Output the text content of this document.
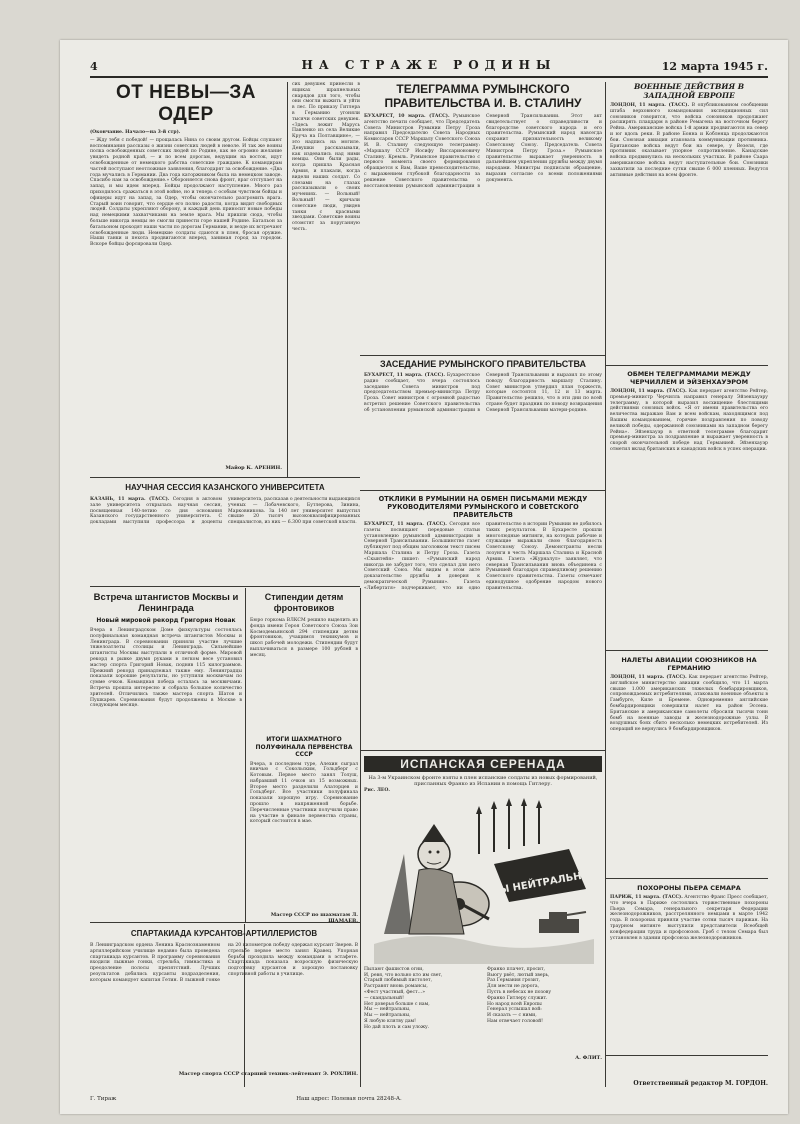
4	НА СТРАЖЕ РОДИНЫ	12 марта 1945 г.
ОТ НЕВЫ—ЗА ОДЕР
(Окончание. Начало—на 3-й стр).
— Жду тебя с победой! — прощалась Нина со своим другом. Бойцы слушают воспоминания рассказы о жизни советских людей в неволе. И так же воины полка освобожденных советских людей по Родине, как не огромно желание увидеть родной край, — и по всем дорогам, ведущим на восток, идут освобожденные от немецкого рабства советские граждане. К командирам частей поступают неотложные заявления, благодарят за освобождение. «Два года мучались в Германии. Два года каторжником была на немецком заводе. Спасибо нам за освобождение.» Обороняется снова фронт, враг отступает на запад, и мы идем вперед. Бойцы продолжают наступление. Много раз приходилось сражаться в этой войне, но и теперь с особым чувством бойцы и офицеры идут на запад, за Одер, чтобы окончательно разгромить врага. Старый воин говорит, что сердце его полно радости, когда видит свободных людей. Солдаты укрепляют оборону, и каждый день приносит новые победы над немецкими захватчиками на земле врага. Мы пришли сюда, чтобы больше никогда немцы не смогли принести горе нашей Родине. Батальон за батальоном проходят наши части по дорогам Германии, и везде их встречают освобожденные люди. Немецкие солдаты сдаются в плен, бросая оружие. Наши танки и пехота продвигаются вперед, занимая город за городом. Вскоре бойцы форсировали Одер.
Майор К. АРЕНИН.
сих девушек принесли в ящиках шрапнельных снарядов для того, чтобы они смогли выжить и уйти в лес. По приказу Гитлера в Германию угоняли тысячи советских девушек. «Здесь лежит Марусь Павленко из села Великие Круча на Полтавщине», — это надпись на могиле. Девушки рассказывали, как издевались над ними немцы. Они были рады, когда пришла Красная Армия, и плакали, когда видели наших солдат. Со слезами на глазах рассказывали о своих мучениях. — Вольный! Вольный! — кричали советские люди, увидев танки с красными звездами. Советские воины отомстят за поруганную честь.
ТЕЛЕГРАММА РУМЫНСКОГО ПРАВИТЕЛЬСТВА И. В. СТАЛИНУ
БУХАРЕСТ, 10 марта. (ТАСС). Румынское агентство печати сообщает, что Председатель Совета Министров Румынии Петру Гроза направил Председателю Совета Народных Комиссаров СССР Маршалу Советского Союза И. В. Сталину следующую телеграмму: «Маршалу СССР Иосифу Виссарионовичу Сталину. Кремль. Румынское правительство с первого момента своего формирования обращается к Вам, Ваше превосходительство, с выражением глубокой благодарности за решение Советского правительства о восстановлении румынской администрации в Северной Трансильвании. Этот акт свидетельствует о справедливости и благородстве советского народа и его правительства. Румынский народ навсегда сохранит признательность великому Советскому Союзу. Председатель Совета Министров Петру Гроза.» Румынское правительство выражает уверенность в дальнейшем укреплении дружбы между двумя народами. Министры подписали обращение, выразив согласие со всеми положениями документа.
ЗАСЕДАНИЕ РУМЫНСКОГО ПРАВИТЕЛЬСТВА
БУХАРЕСТ, 11 марта. (ТАСС). Бухарестское радио сообщает, что вчера состоялось заседание Совета министров под председательством премьер-министра Петру Гроза. Совет министров с огромной радостью встретил решение Советского правительства об установлении румынской администрации в Северной Трансильвании и выразил по этому поводу благодарность маршалу Сталину. Совет министров утвердил план торжеств, которые состоятся 11, 12 и 13 марта. Правительство решило, что в эти дни по всей стране будет праздник по поводу возвращения Северной Трансильвании матери-родине.
ОТКЛИКИ В РУМЫНИИ НА ОБМЕН ПИСЬМАМИ МЕЖДУ РУКОВОДИТЕЛЯМИ РУМЫНСКОГО И СОВЕТСКОГО ПРАВИТЕЛЬСТВ
БУХАРЕСТ, 11 марта. (ТАСС). Сегодня все газеты посвящают передовые статьи установлению румынской администрации в Северной Трансильвании. Большинство газет публикуют под общим заголовком текст писем Маршала Сталина и Петру Гроза. Газета «Скынтейя» пишет: «Румынский народ никогда не забудет того, что сделал для него Советский Союз. Мы видим в этом акте доказательство дружбы и доверия к демократической Румынии». Газета «Либертатя» подчеркивает, что ни одно правительство в истории Румынии не добилось таких результатов. В Бухаресте прошли многолюдные митинги, на которых рабочие и служащие выражали свою благодарность Советскому Союзу. Демонстранты несли лозунги в честь Маршала Сталина и Красной Армии. Газета «Журналул» заявляет, что северная Трансильвания вновь объединена с Румынией благодаря справедливому решению Советского правительства. Газеты отмечают единодушное одобрение народом нового правительства.
НАУЧНАЯ СЕССИЯ КАЗАНСКОГО УНИВЕРСИТЕТА
КАЗАНЬ, 11 марта. (ТАСС). Сегодня в актовом зале университета открылась научная сессия, посвященная 140-летию со дня основания Казанского государственного университета. С докладами выступили профессора и доценты университета, рассказав о деятельности выдающихся ученых — Лобачевского, Бутлерова, Зинина, Марковникова. За 140 лет университет выпустил свыше 20 тысяч высококвалифицированных специалистов, из них — 6.300 при советской власти.
Встреча штангистов Москвы и Ленинграда
Новый мировой рекорд Григория Новак
Вчера в Ленинградском Доме физкультуры состоялась полуфинальная командная встреча штангистов Москвы и Ленинграда. В соревновании приняли участие лучшие тяжелоатлеты столицы и Ленинграда. Сильнейшие штангисты Москвы выступали в отличной форме. Мировой рекорд в рывке двумя руками в легком весе установил мастер спорта Григорий Новак, подняв 115 килограммов. Прежний рекорд принадлежал также ему. Ленинградцы показали хорошие результаты, но уступили москвичам по сумме очков. Командная победа осталась за москвичами. Встреча прошла интересно и собрала большое количество зрителей. Отличились также мастера спорта Шатов и Пушкарев. Соревнования будут продолжены в Москве в следующем месяце.
Стипендии детям фронтовиков
Бюро горкома ВЛКСМ решило выделить из фонда имени Героя Советского Союза Зои Космодемьянской 294 стипендии детям фронтовиков, учащимся техникумов и школ рабочей молодежи. Стипендии будут выплачиваться в размере 100 рублей в месяц.
ИТОГИ ШАХМАТНОГО ПОЛУФИНАЛА ПЕРВЕНСТВА СССР
Вчера, в последнем туре, Алехин сыграл вничью с Сокольским, Гольдберг с Котовым. Первое место занял Толуш, набравший 11 очков из 15 возможных. Второе место разделили Алаторцев и Гольдберг. Все участники полуфинала показали хорошую игру. Соревнование прошло в напряженной борьбе. Перечисленные участники получили право на участие в финале первенства страны, который состоится в мае.
Мастер СССР по шахматам Л. ШАМАЕВ.
СПАРТАКИАДА КУРСАНТОВ-АРТИЛЛЕРИСТОВ
В Ленинградском ордена Ленина Краснознаменном артиллерийском училище недавно была проведена спартакиада курсантов. В программу соревнования входили лыжные гонки, стрельба, гимнастика и преодоление полосы препятствий. Лучших результатов добились курсанты подразделения, которым командует капитан Гетин. В лыжной гонке на 20 километров победу одержал курсант Зверев. В стрельбе первое место занял Кравец. Упорная борьба проходила между командами в эстафете. Спартакиада показала возросшую физическую подготовку курсантов и хорошую постановку спортивной работы в училище.
Мастер спорта СССР старший техник-лейтенант Э. РОХЛИН.
ИСПАНСКАЯ СЕРЕНАДА
На 3-м Украинском фронте взяты в плен испанские солдаты из новых формирований, присланных Франко из Испании в помощь Гитлеру.
Рис. ЛЕО.
МЫ НЕЙТРАЛЬНЫ
Пылают фашистов огни,
И, ревя, что вольно кто им свет,
Старый любимый пистолет,
Растравят вновь романсы,
«Фест участный, фест…»
— скандальный!
Нет доверья больше с нам,
Мы — нейтральны,
Мы — нейтральны,
Я любую клятву дам!
Но дай плоть и сам уложу.
Франко плачет, просит,
Вьюгу рвёт, лютый зверь,
Раз Германия грозит,
Для мести не дорога,
Пусть в небесах не позову
Франко Гитлеру служит.
Но народ всей Европы
Генерал услышал вой:
И сказать — с ними,
Нам отвечает головой!
А. ФЛИТ.
ВОЕННЫЕ ДЕЙСТВИЯ В ЗАПАДНОЙ ЕВРОПЕ
ЛОНДОН, 11 марта. (ТАСС). В опубликованном сообщении штаба верховного командования экспедиционных сил союзников говорится, что войска союзников продолжают расширять плацдарм в районе Ремагена на восточном берегу Рейна. Американские войска 1-й армии продвигаются на север и юг вдоль реки. В районе Бонна и Кобленца продолжаются бои. Союзная авиация атаковала коммуникации противника. Британские войска ведут бои на севере, у Везеля, где противник оказывает упорное сопротивление. Канадские войска продвинулись на нескольких участках. В районе Саара американские войска ведут наступательные бои. Союзники захватили за последние сутки свыше 6 000 пленных. Ведутся активные действия на всем фронте.
ОБМЕН ТЕЛЕГРАММАМИ МЕЖДУ ЧЕРЧИЛЛЕМ И ЭЙЗЕНХАУЭРОМ
ЛОНДОН, 11 марта. (ТАСС). Как передает агентство Рейтер, премьер-министр Черчилль направил генералу Эйзенхауэру телеграмму, в которой выразил восхищение блестящими действиями союзных войск. «Я от имени правительства его величества выражаю Вам и всем войскам, находящимся под Вашим командованием, горячие поздравления по поводу великой победы, одержанной союзниками на западном берегу Рейна». Эйзенхауэр в ответной телеграмме благодарит премьер-министра за поздравление и выражает уверенность в скорой окончательной победе над Германией. Эйзенхауэр отметил вклад британских и канадских войск в успех операции.
НАЛЕТЫ АВИАЦИИ СОЮЗНИКОВ НА ГЕРМАНИЮ
ЛОНДОН, 11 марта. (ТАСС). Как передает агентство Рейтер, английское министерство авиации сообщило, что 11 марта свыше 1.000 американских тяжелых бомбардировщиков, сопровождаемых истребителями, атаковали военные объекты в Гамбурге, Киле и Бремене. Одновременно английские бомбардировщики совершили налет на район Эссена. Британские и американские самолеты сбросили тысячи тонн бомб на военные заводы и железнодорожные узлы. В воздушных боях сбито несколько немецких истребителей. Из операций не вернулись 9 бомбардировщиков.
ПОХОРОНЫ ПЬЕРА СЕМАРА
ПАРИЖ, 11 марта. (ТАСС). Агентство Франс Пресс сообщает, что вчера в Париже состоялись торжественные похороны Пьера Семара, генерального секретаря Федерации железнодорожников, расстрелянного немцами в марте 1942 года. В похоронах приняли участие сотни тысяч парижан. На траурном митинге выступили представители Всеобщей конфедерации труда и профсоюзов. Гроб с телом Семара был установлен в здании профсоюза железнодорожников.
Г. Тираж	Наш адрес: Полевая почта 28248-А.
Ответственный редактор М. ГОРДОН.
